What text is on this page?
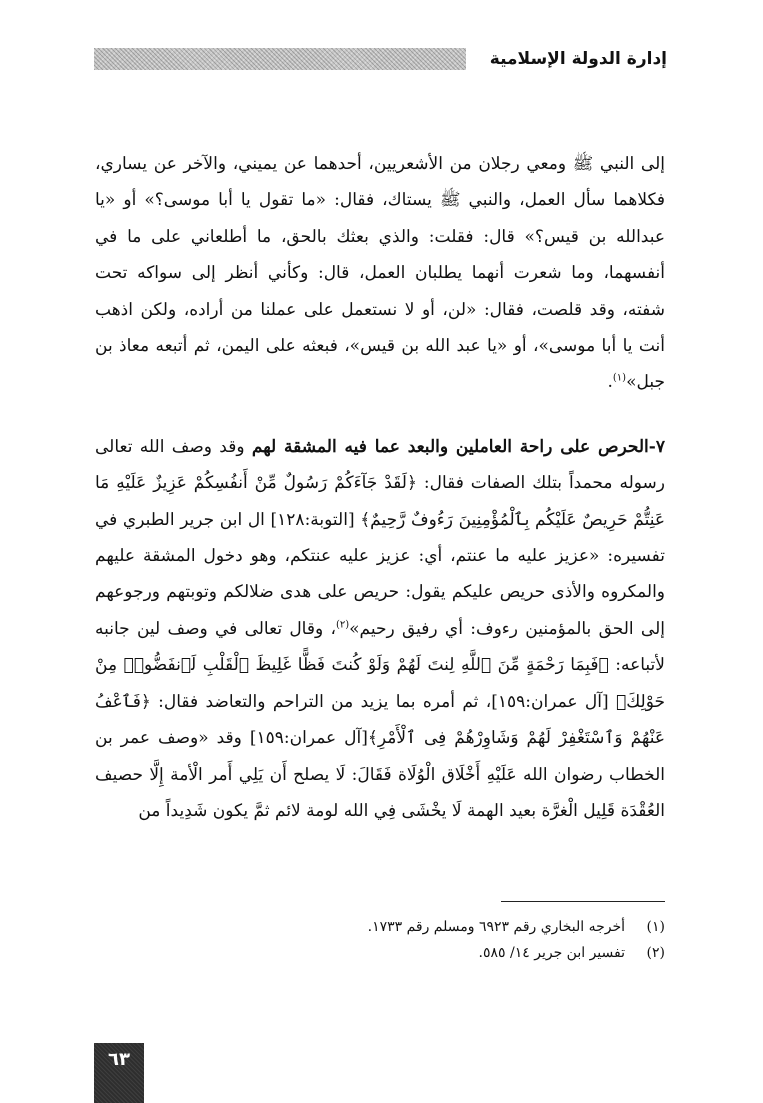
إدارة الدولة الإسلامية

إلى النبي ﷺ ومعي رجلان من الأشعريين، أحدهما عن يميني، والآخر عن يساري، فكلاهما سأل العمل، والنبي ﷺ يستاك، فقال: «ما تقول يا أبا موسى؟» أو «يا عبدالله بن قيس؟» قال: فقلت: والذي بعثك بالحق، ما أطلعاني على ما في أنفسهما، وما شعرت أنهما يطلبان العمل، قال: وكأني أنظر إلى سواكه تحت شفته، وقد قلصت، فقال: «لن، أو لا نستعمل على عملنا من أراده، ولكن اذهب أنت يا أبا موسى»، أو «يا عبد الله بن قيس»، فبعثه على اليمن، ثم أتبعه معاذ بن جبل»$^{(١)}$.

٧-الحرص على راحة العاملين والبعد عما فيه المشقة لهم وقد وصف الله تعالى رسوله محمداً بتلك الصفات فقال: ﴿لَقَدْ جَآءَكُمْ رَسُولٌ مِّنْ أَنفُسِكُمْ عَزِيزٌ عَلَيْهِ مَا عَنِتُّمْ حَرِيصٌ عَلَيْكُم بِٱلْمُؤْمِنِينَ رَءُوفٌ رَّحِيمٌ﴾ [التوبة:١٢٨] ال ابن جرير الطبري في تفسيره: «عزيز عليه ما عنتم، أي: عزيز عليه عنتكم، وهو دخول المشقة عليهم والمكروه والأذى حريص عليكم يقول: حريص على هدى ضلالكم وتوبتهم ورجوعهم إلى الحق بالمؤمنين رءوف: أي رفيق رحيم»$^{(٢)}$، وقال تعالى في وصف لين جانبه لأتباعه: ﴿فَبِمَا رَحْمَةٍ مِّنَ ٱللَّهِ لِنتَ لَهُمْ وَلَوْ كُنتَ فَظًّا غَلِيظَ ٱلْقَلْبِ لَٱنفَضُّوا۟ مِنْ حَوْلِكَ﴾ [آل عمران:١٥٩]، ثم أمره بما يزيد من التراحم والتعاضد فقال: ﴿فَٱعْفُ عَنْهُمْ وَٱسْتَغْفِرْ لَهُمْ وَشَاوِرْهُمْ فِى ٱلْأَمْرِ﴾[آل عمران:١٥٩] وقد «وصف عمر بن الخطاب رضوان الله عَلَيْهِ أَخْلَاق الْوُلَاة فَقَالَ: لَا يصلح أَن يَلِي أَمر الْأمة إِلَّا حصيف العُقْدَة قَلِيل الْغرَّة بعيد الهمة لَا يخْشَى فِي الله لومة لائم ثمَّ يكون شَدِيداً من

(١)أخرجه البخاري رقم ٦٩٢٣ ومسلم رقم ١٧٣٣.
(٢)تفسير ابن جرير ١٤/ ٥٨٥.
٦٣
